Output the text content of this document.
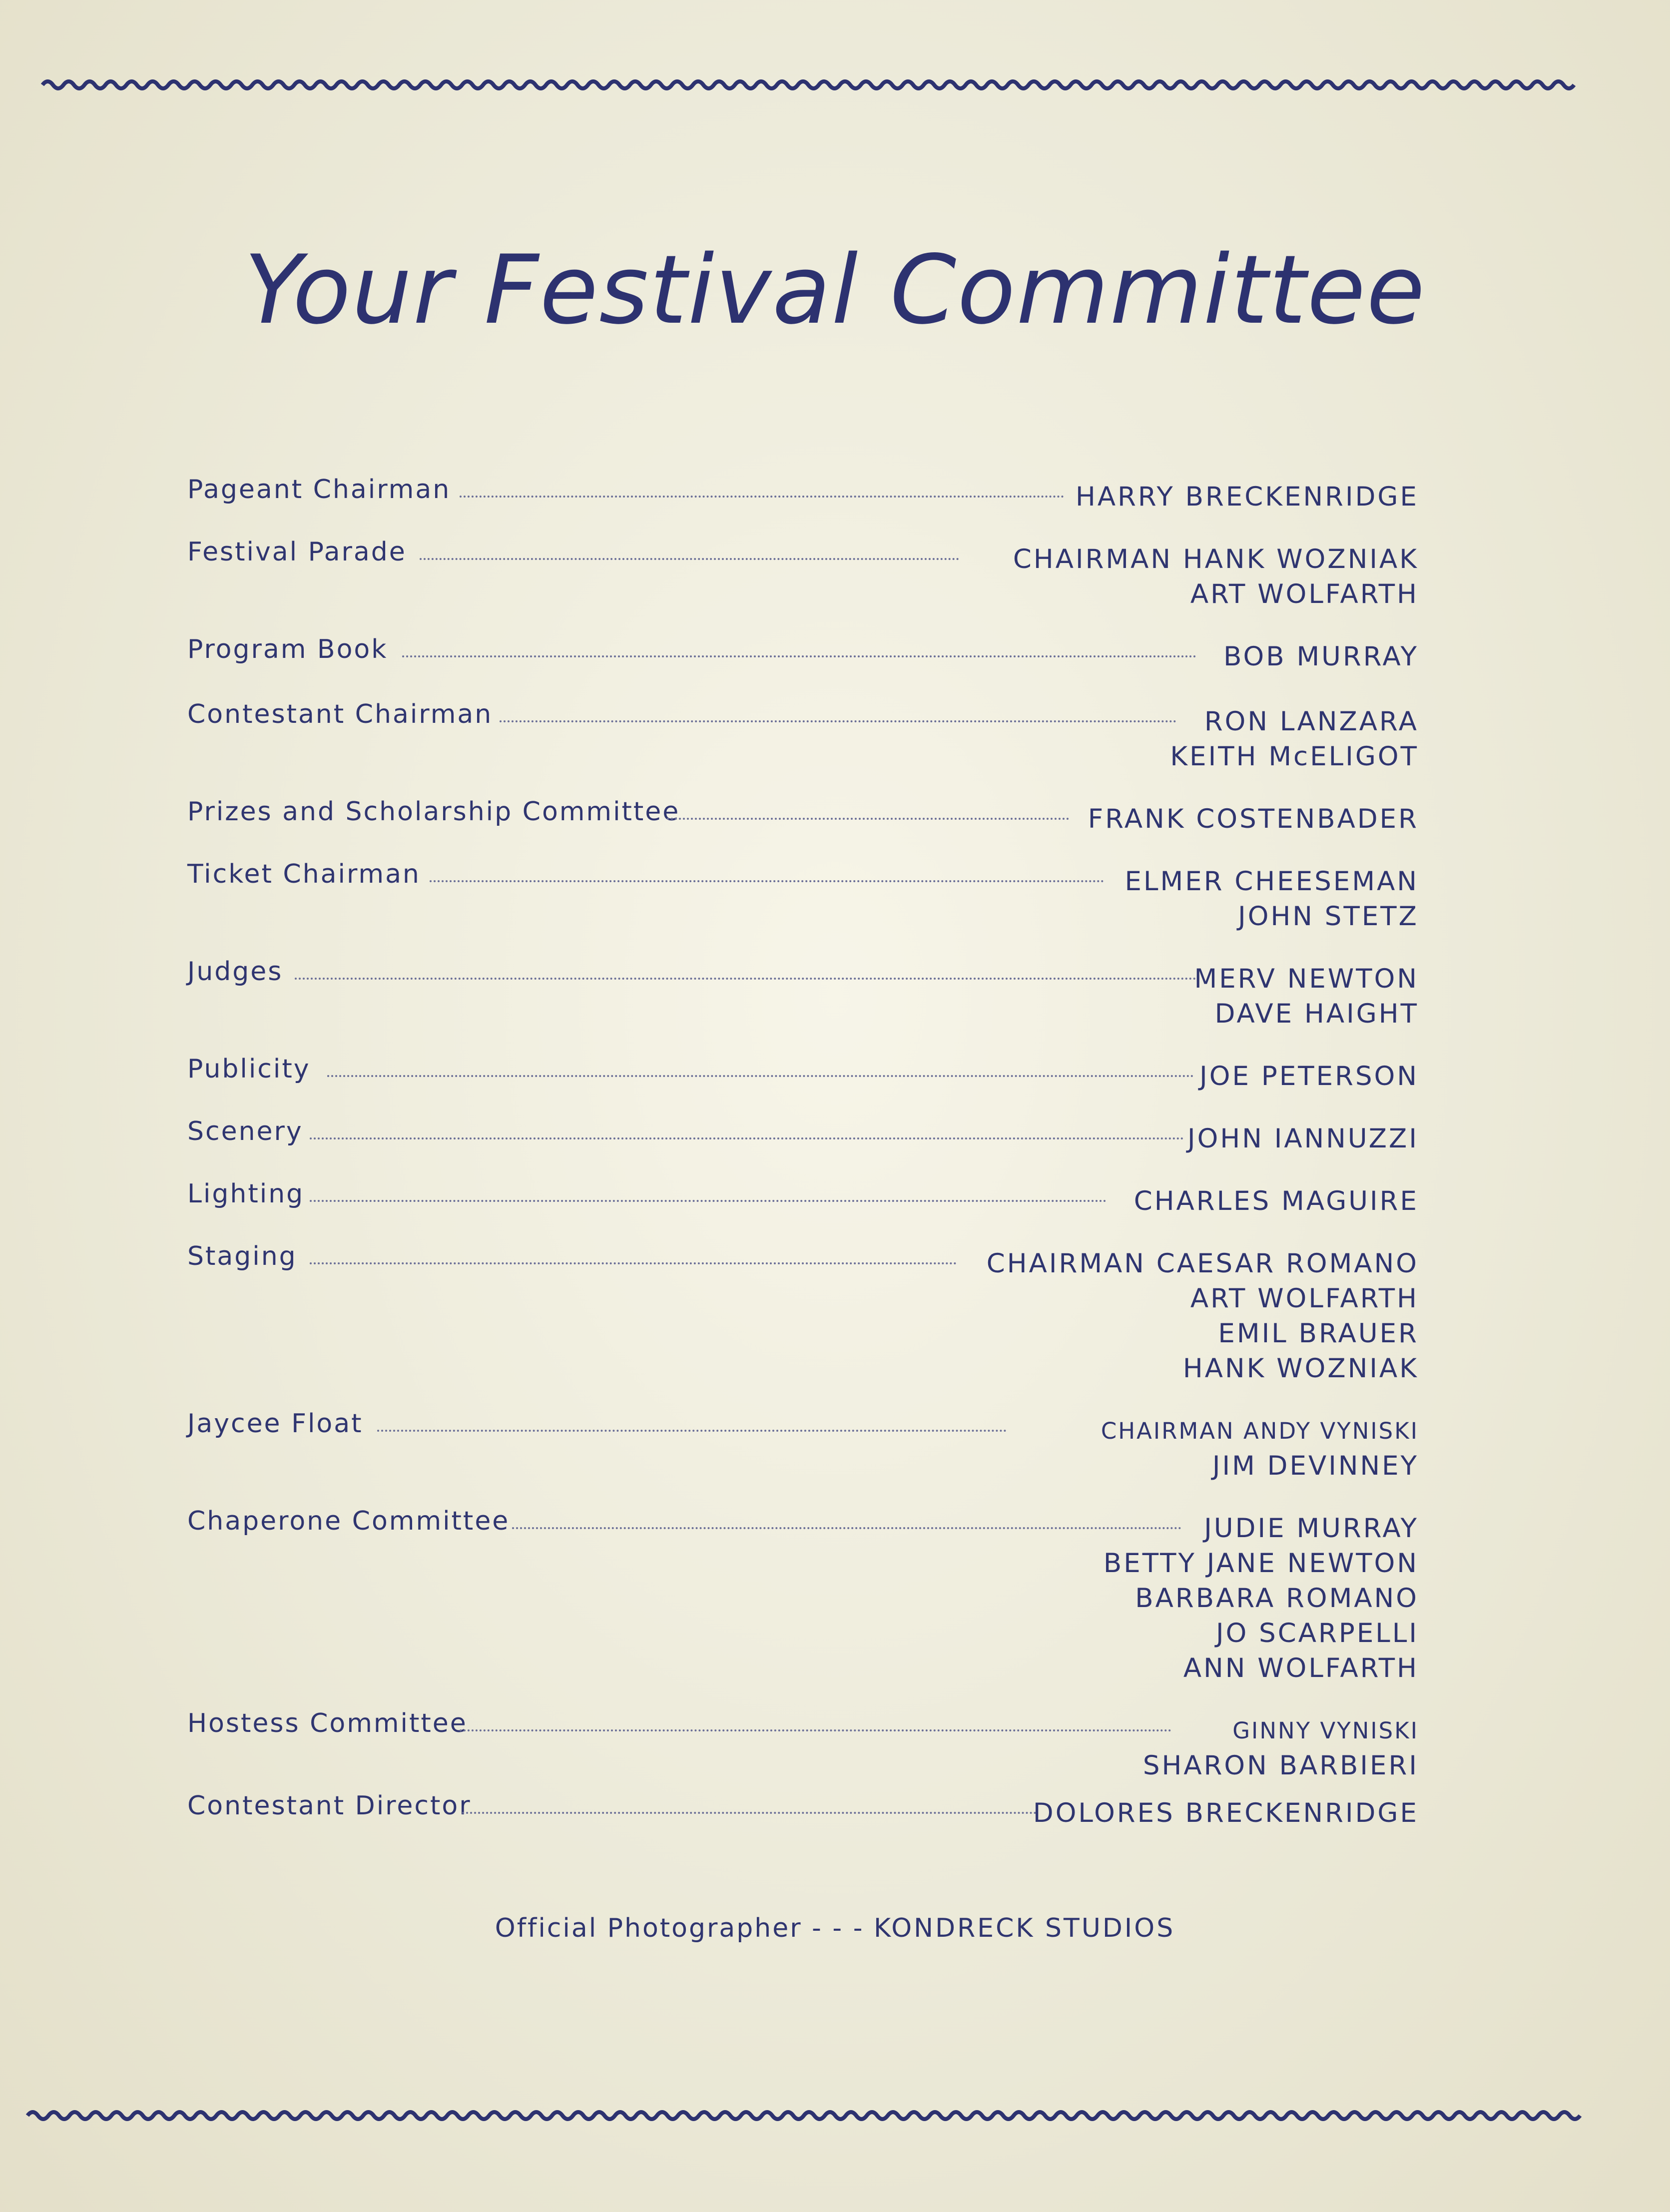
Your Festival Committee
Pageant Chairman	HARRY BRECKENRIDGE
Festival Parade	CHAIRMAN HANK WOZNIAK
ART WOLFARTH
Program Book	BOB MURRAY
Contestant Chairman	RON LANZARA
KEITH McELIGOT
Prizes and Scholarship Committee	FRANK COSTENBADER
Ticket Chairman	ELMER CHEESEMAN
JOHN STETZ
Judges	MERV NEWTON
DAVE HAIGHT
Publicity	JOE PETERSON
Scenery	JOHN IANNUZZI
Lighting	CHARLES MAGUIRE
Staging	CHAIRMAN CAESAR ROMANO
ART WOLFARTH
EMIL BRAUER
HANK WOZNIAK
Jaycee Float	CHAIRMAN ANDY VYNISKI
JIM DEVINNEY
Chaperone Committee	JUDIE MURRAY
BETTY JANE NEWTON
BARBARA ROMANO
JO SCARPELLI
ANN WOLFARTH
Hostess Committee	GINNY VYNISKI
SHARON BARBIERI
Contestant Director	DOLORES BRECKENRIDGE
Official Photographer - - - KONDRECK STUDIOS
